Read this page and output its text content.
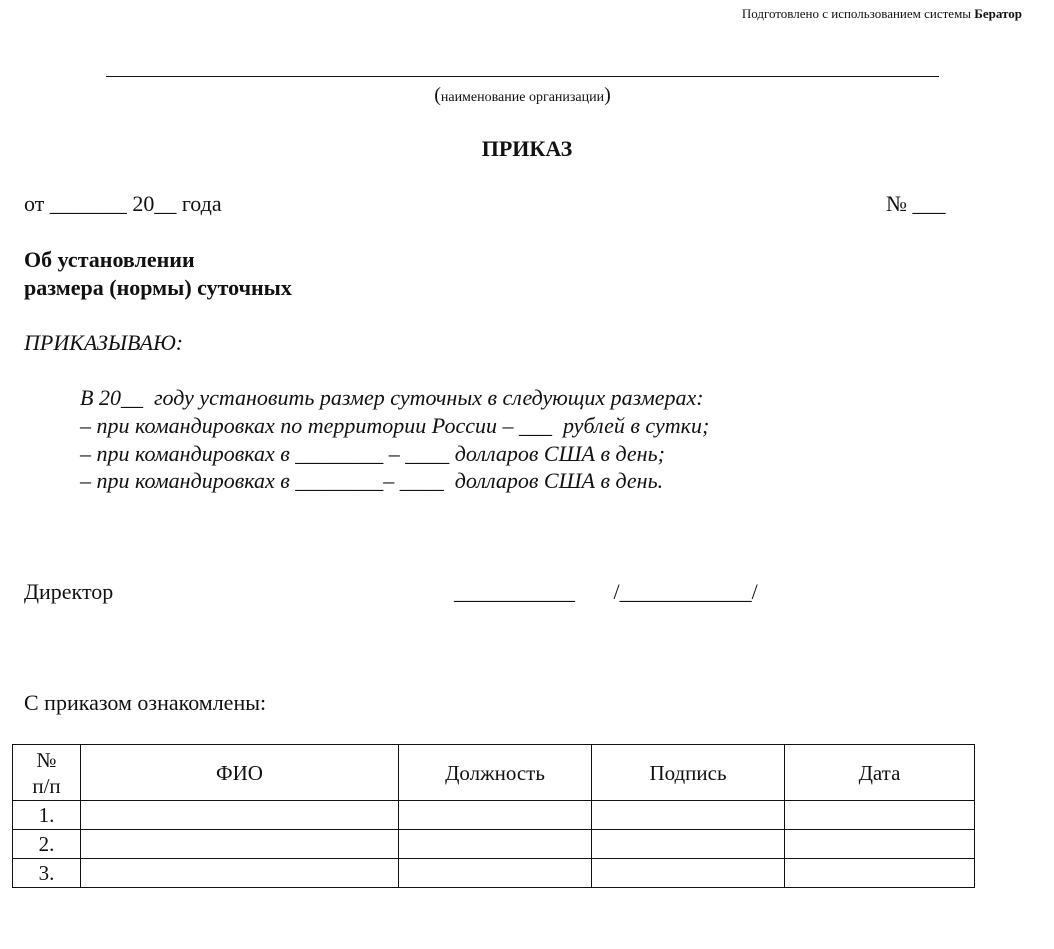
Подготовлено с использованием системы Бератор
(наименование организации)
ПРИКАЗ
от _______ 20__ года	№ ___
Об установлении
размера (нормы) суточных
ПРИКАЗЫВАЮ:
В 20__  году установить размер суточных в следующих размерах:
– при командировках по территории России – ___  рублей в сутки;
– при командировках в ________ – ____ долларов США в день;
– при командировках в ________– ____  долларов США в день.
Директор	___________       /____________/
С приказом ознакомлены:
№
п/п	ФИО	Должность	Подпись	Дата
1.				
2.				
3.				
